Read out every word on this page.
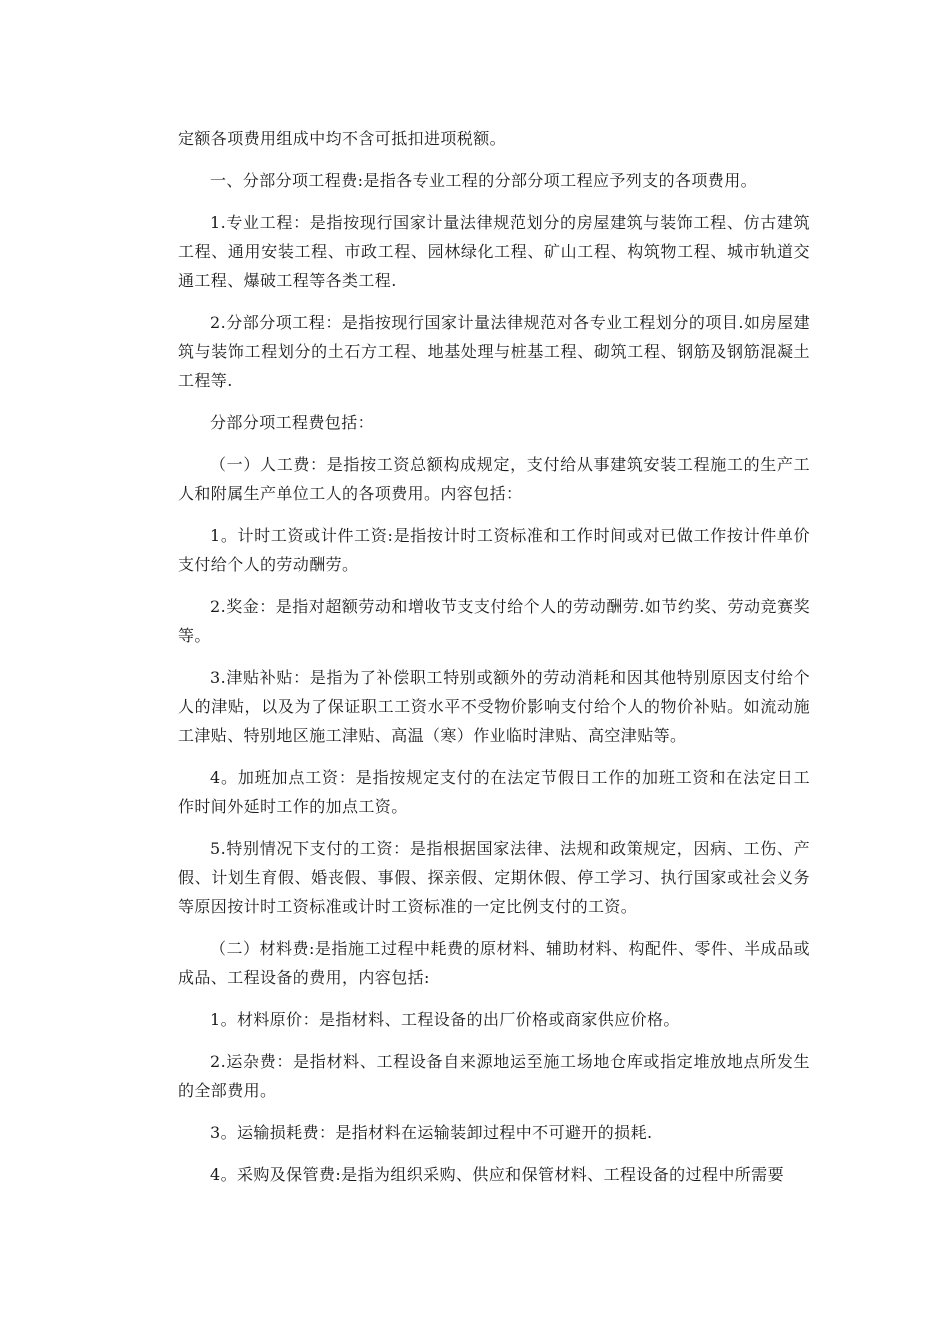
定额各项费用组成中均不含可抵扣进项税额。

一、分部分项工程费:是指各专业工程的分部分项工程应予列支的各项费用。

1.专业工程：是指按现行国家计量法律规范划分的房屋建筑与装饰工程、仿古建筑工程、通用安装工程、市政工程、园林绿化工程、矿山工程、构筑物工程、城市轨道交通工程、爆破工程等各类工程.

2.分部分项工程：是指按现行国家计量法律规范对各专业工程划分的项目.如房屋建筑与装饰工程划分的土石方工程、地基处理与桩基工程、砌筑工程、钢筋及钢筋混凝土工程等.

分部分项工程费包括：

（一）人工费：是指按工资总额构成规定，支付给从事建筑安装工程施工的生产工人和附属生产单位工人的各项费用。内容包括：

1。计时工资或计件工资:是指按计时工资标准和工作时间或对已做工作按计件单价支付给个人的劳动酬劳。

2.奖金：是指对超额劳动和增收节支支付给个人的劳动酬劳.如节约奖、劳动竞赛奖等。

3.津贴补贴：是指为了补偿职工特别或额外的劳动消耗和因其他特别原因支付给个人的津贴，以及为了保证职工工资水平不受物价影响支付给个人的物价补贴。如流动施工津贴、特别地区施工津贴、高温（寒）作业临时津贴、高空津贴等。

4。加班加点工资：是指按规定支付的在法定节假日工作的加班工资和在法定日工作时间外延时工作的加点工资。

5.特别情况下支付的工资：是指根据国家法律、法规和政策规定，因病、工伤、产假、计划生育假、婚丧假、事假、探亲假、定期休假、停工学习、执行国家或社会义务等原因按计时工资标准或计时工资标准的一定比例支付的工资。

（二）材料费:是指施工过程中耗费的原材料、辅助材料、构配件、零件、半成品或成品、工程设备的费用，内容包括:

1。材料原价：是指材料、工程设备的出厂价格或商家供应价格。

2.运杂费：是指材料、工程设备自来源地运至施工场地仓库或指定堆放地点所发生的全部费用。

3。运输损耗费：是指材料在运输装卸过程中不可避开的损耗.

4。采购及保管费:是指为组织采购、供应和保管材料、工程设备的过程中所需要
